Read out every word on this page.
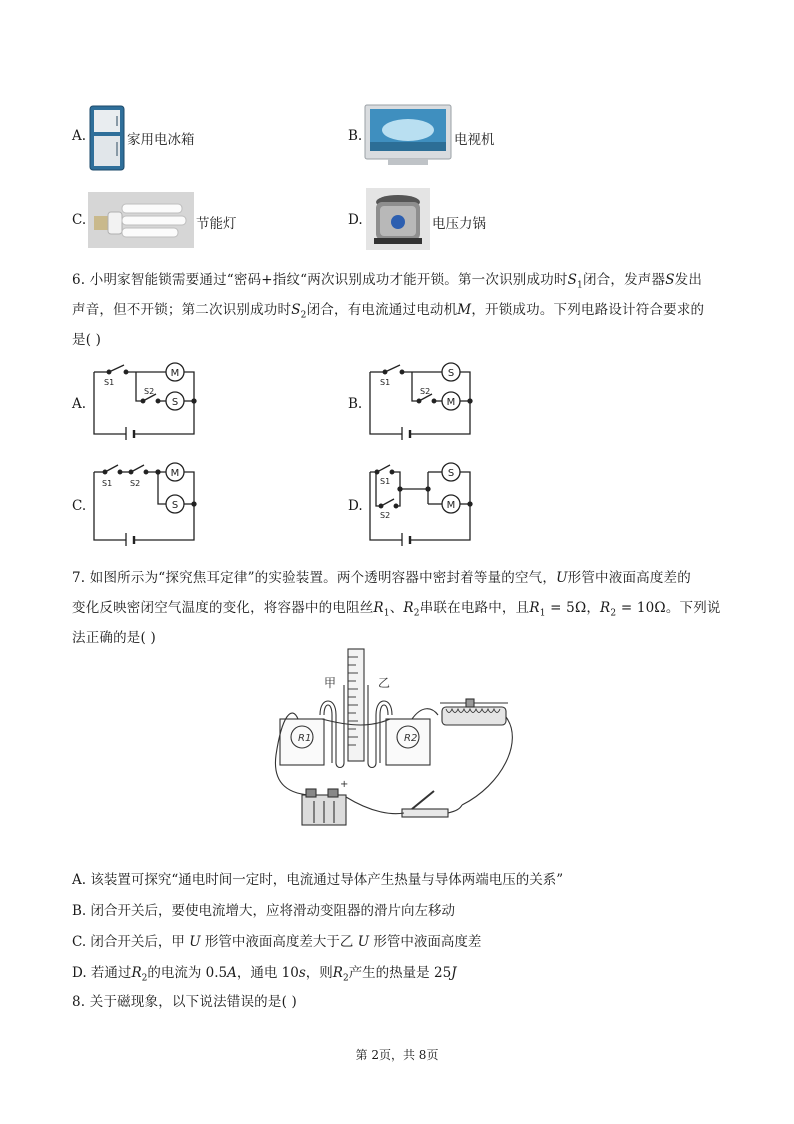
A.	家用电冰箱	B.	电视机
C.	节能灯	D.	电压力锅
6. 小明家智能锁需要通过“密码+指纹“两次识别成功才能开锁。第一次识别成功时$S_1$闭合，发声器S发出
声音，但不开锁；第二次识别成功时$S_2$闭合，有电流通过电动机M，开锁成功。下列电路设计符合要求的
是( )
A.
M
S
S1
S2
B.
S
M
S1
S2
C.
M
S
S1 S2
D.
S
M
S1
S2
7. 如图所示为“探究焦耳定律”的实验装置。两个透明容器中密封着等量的空气，U形管中液面高度差的
变化反映密闭空气温度的变化，将容器中的电阻丝$R_1$、$R_2$串联在电路中，且$R_1 = 5\Omega$，$R_2 = 10\Omega$。下列说
法正确的是( )
甲	乙
R1	R2
+
A. 该装置可探究“通电时间一定时，电流通过导体产生热量与导体两端电压的关系”
B. 闭合开关后，要使电流增大，应将滑动变阻器的滑片向左移动
C. 闭合开关后，甲 U 形管中液面高度差大于乙 U 形管中液面高度差
D. 若通过$R_2$的电流为 0.5A，通电 10s，则$R_2$产生的热量是 25J
8. 关于磁现象，以下说法错误的是( )
第 2页，共 8页
